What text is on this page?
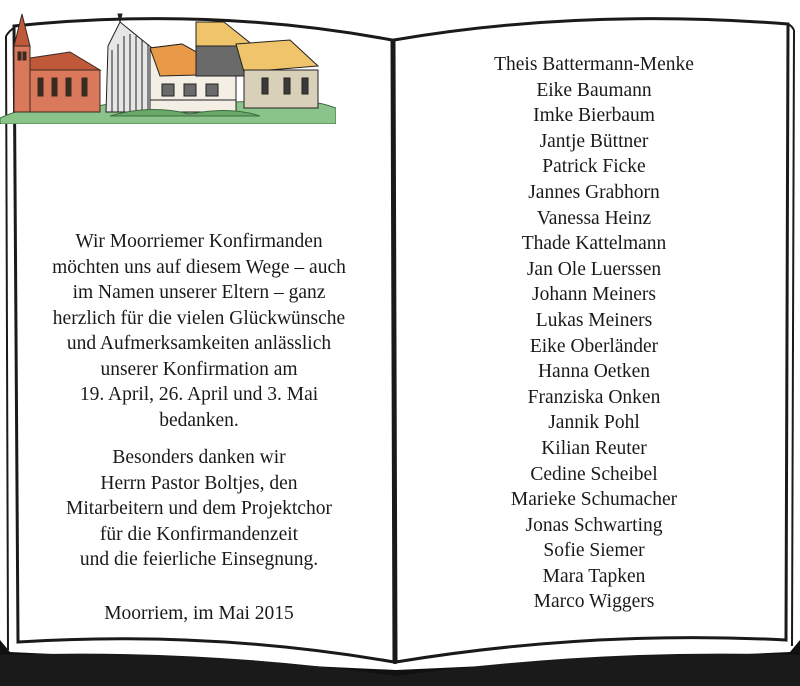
Wir Moorriemer Konfirmanden
möchten uns auf diesem Wege – auch
im Namen unserer Eltern – ganz
herzlich für die vielen Glückwünsche
und Aufmerksamkeiten anlässlich
unserer Konfirmation am
19. April, 26. April und 3. Mai
bedanken.

Besonders danken wir
Herrn Pastor Boltjes, den
Mitarbeitern und dem Projektchor
für die Konfirmandenzeit
und die feierliche Einsegnung.

Moorriem, im Mai 2015

Theis Battermann-Menke
Eike Baumann
Imke Bierbaum
Jantje Büttner
Patrick Ficke
Jannes Grabhorn
Vanessa Heinz
Thade Kattelmann
Jan Ole Luerssen
Johann Meiners
Lukas Meiners
Eike Oberländer
Hanna Oetken
Franziska Onken
Jannik Pohl
Kilian Reuter
Cedine Scheibel
Marieke Schumacher
Jonas Schwarting
Sofie Siemer
Mara Tapken
Marco Wiggers
